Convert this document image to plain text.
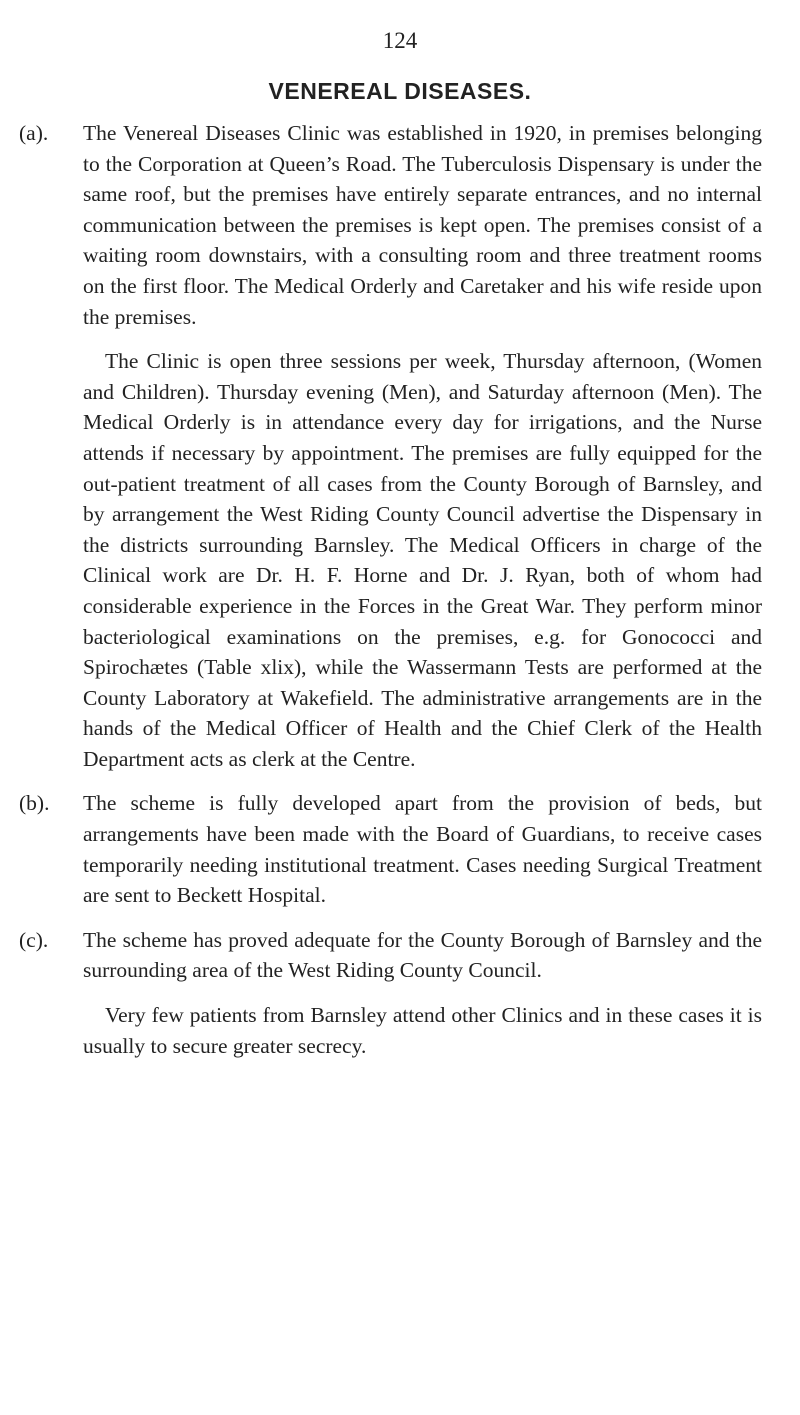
124
VENEREAL DISEASES.
(a). The Venereal Diseases Clinic was established in 1920, in premises belonging to the Corporation at Queen’s Road. The Tuberculosis Dispensary is under the same roof, but the premises have entirely separate entrances, and no internal communication between the premises is kept open. The premises consist of a waiting room downstairs, with a consulting room and three treatment rooms on the first floor. The Medical Orderly and Caretaker and his wife reside upon the premises.

The Clinic is open three sessions per week, Thursday afternoon, (Women and Children). Thursday evening (Men), and Saturday afternoon (Men). The Medical Orderly is in attendance every day for irrigations, and the Nurse attends if necessary by appointment. The premises are fully equipped for the out-patient treatment of all cases from the County Borough of Barnsley, and by arrangement the West Riding County Council advertise the Dispensary in the districts surrounding Barnsley. The Medical Officers in charge of the Clinical work are Dr. H. F. Horne and Dr. J. Ryan, both of whom had considerable experience in the Forces in the Great War. They perform minor bacteriological examinations on the premises, e.g. for Gonococci and Spirochætes (Table xlix), while the Wassermann Tests are performed at the County Laboratory at Wakefield. The administrative arrangements are in the hands of the Medical Officer of Health and the Chief Clerk of the Health Department acts as clerk at the Centre.

(b). The scheme is fully developed apart from the provision of beds, but arrangements have been made with the Board of Guardians, to receive cases temporarily needing institutional treatment. Cases needing Surgical Treatment are sent to Beckett Hospital.

(c). The scheme has proved adequate for the County Borough of Barnsley and the surrounding area of the West Riding County Council.

Very few patients from Barnsley attend other Clinics and in these cases it is usually to secure greater secrecy.
